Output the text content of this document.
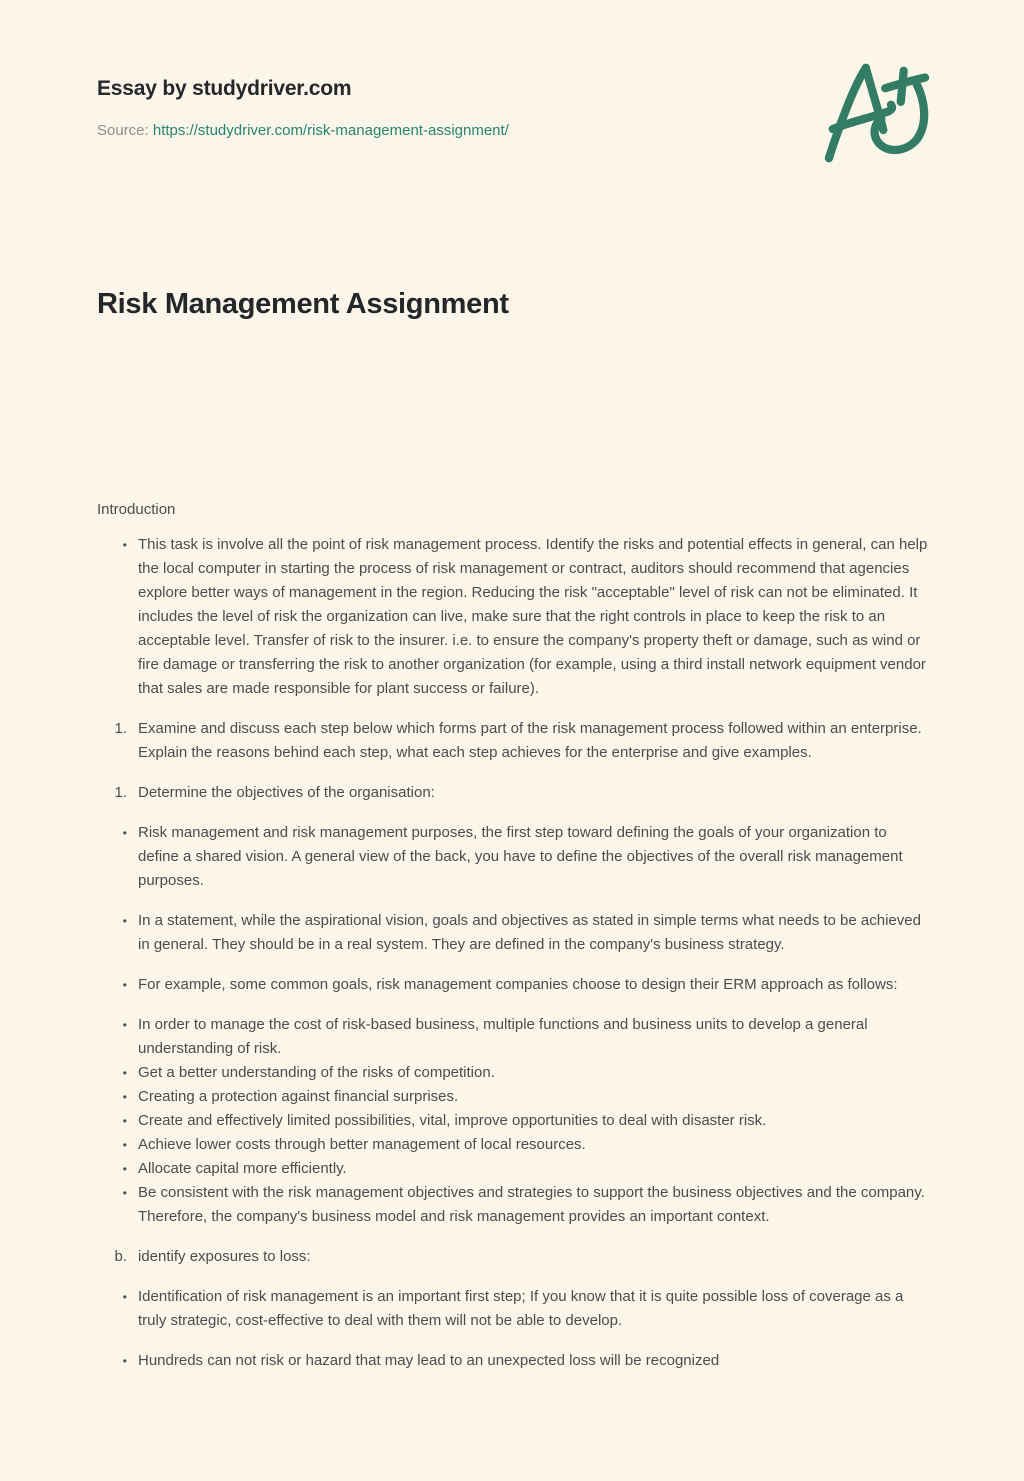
Essay by studydriver.com
Source: https://studydriver.com/risk-management-assignment/
Risk Management Assignment

Introduction

• This task is involve all the point of risk management process. Identify the risks and potential effects in general, can help the local computer in starting the process of risk management or contract, auditors should recommend that agencies explore better ways of management in the region. Reducing the risk "acceptable" level of risk can not be eliminated. It includes the level of risk the organization can live, make sure that the right controls in place to keep the risk to an acceptable level. Transfer of risk to the insurer. i.e. to ensure the company's property theft or damage, such as wind or fire damage or transferring the risk to another organization (for example, using a third install network equipment vendor that sales are made responsible for plant success or failure).
1. Examine and discuss each step below which forms part of the risk management process followed within an enterprise. Explain the reasons behind each step, what each step achieves for the enterprise and give examples.
1. Determine the objectives of the organisation:
• Risk management and risk management purposes, the first step toward defining the goals of your organization to define a shared vision. A general view of the back, you have to define the objectives of the overall risk management purposes.
• In a statement, while the aspirational vision, goals and objectives as stated in simple terms what needs to be achieved in general. They should be in a real system. They are defined in the company's business strategy.
• For example, some common goals, risk management companies choose to design their ERM approach as follows:
• In order to manage the cost of risk-based business, multiple functions and business units to develop a general understanding of risk.
• Get a better understanding of the risks of competition.
• Creating a protection against financial surprises.
• Create and effectively limited possibilities, vital, improve opportunities to deal with disaster risk.
• Achieve lower costs through better management of local resources.
• Allocate capital more efficiently.
• Be consistent with the risk management objectives and strategies to support the business objectives and the company. Therefore, the company's business model and risk management provides an important context.
b. identify exposures to loss:
• Identification of risk management is an important first step; If you know that it is quite possible loss of coverage as a truly strategic, cost-effective to deal with them will not be able to develop.
• Hundreds can not risk or hazard that may lead to an unexpected loss will be recognized
